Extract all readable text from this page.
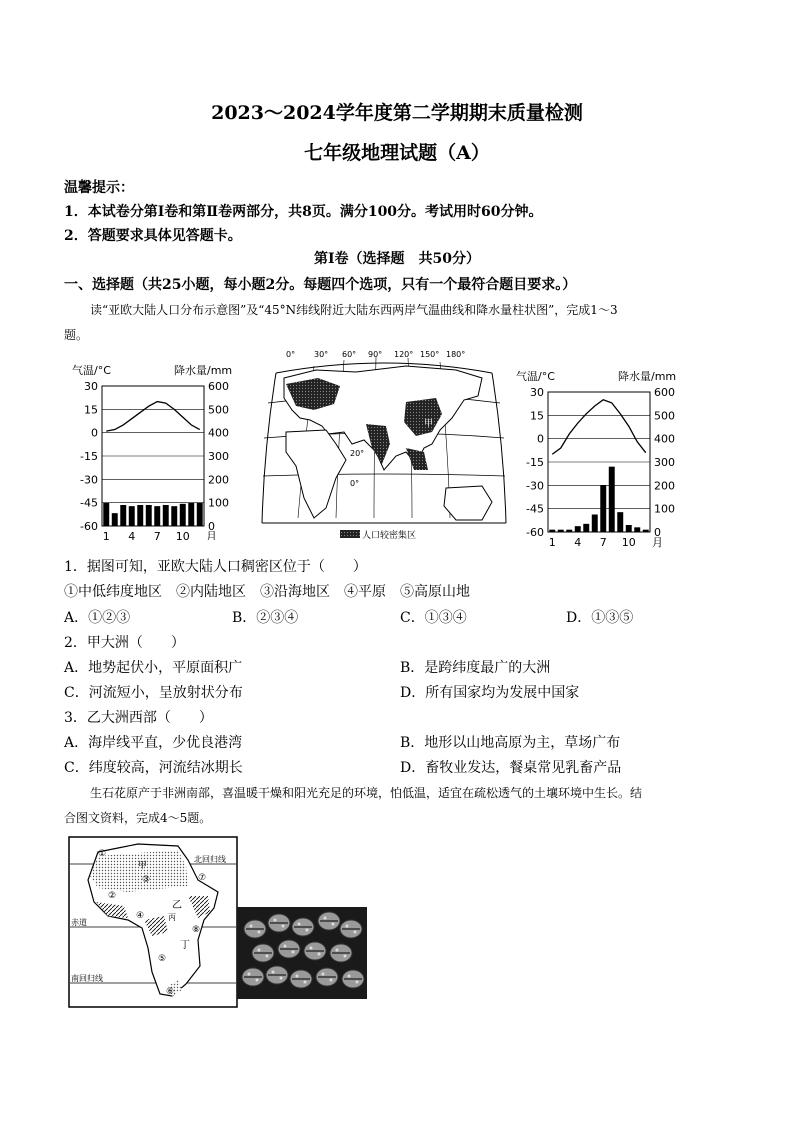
2023～2024学年度第二学期期末质量检测
七年级地理试题（A）
温馨提示：
1．本试卷分第Ⅰ卷和第Ⅱ卷两部分，共8页。满分100分。考试用时60分钟。
2．答题要求具体见答题卡。
第Ⅰ卷（选择题　共50分）
一、选择题（共25小题，每小题2分。每题四个选项，只有一个最符合题目要求。）
读“亚欧大陆人口分布示意图”及“45°N纬线附近大陆东西两岸气温曲线和降水量柱状图”，完成1～3
题。
气温/°C	降水量/mm
30	600
15	500
0	400
-15	300
-30	200
-45	100
-60	0
1 4 7 10 月
0° 30° 60° 90° 120° 150° 180°
20°
0°
甲
人口较密集区
气温/°C	降水量/mm
30	600
15	500
0	400
-15	300
-30	200
-45	100
-60	0
1 4 7 10 月
1．据图可知，亚欧大陆人口稠密区位于（　　）
①中低纬度地区　②内陆地区　③沿海地区　④平原　⑤高原山地
A．①②③	B．②③④	C．①③④	D．①③⑤
2．甲大洲（　　）
A．地势起伏小，平原面积广	B．是跨纬度最广的大洲
C．河流短小，呈放射状分布	D．所有国家均为发展中国家
3．乙大洲西部（　　）
A．海岸线平直，少优良港湾	B．地形以山地高原为主，草场广布
C．纬度较高，河流结冰期长	D．畜牧业发达，餐桌常见乳畜产品
生石花原产于非洲南部，喜温暖干燥和阳光充足的环境，怕低温，适宜在疏松透气的土壤环境中生长。结
合图文资料，完成4～5题。
甲
乙
丙
丁
北回归线
赤道
南回归线
①
②
③
④
⑤
⑥
⑦
⑧
